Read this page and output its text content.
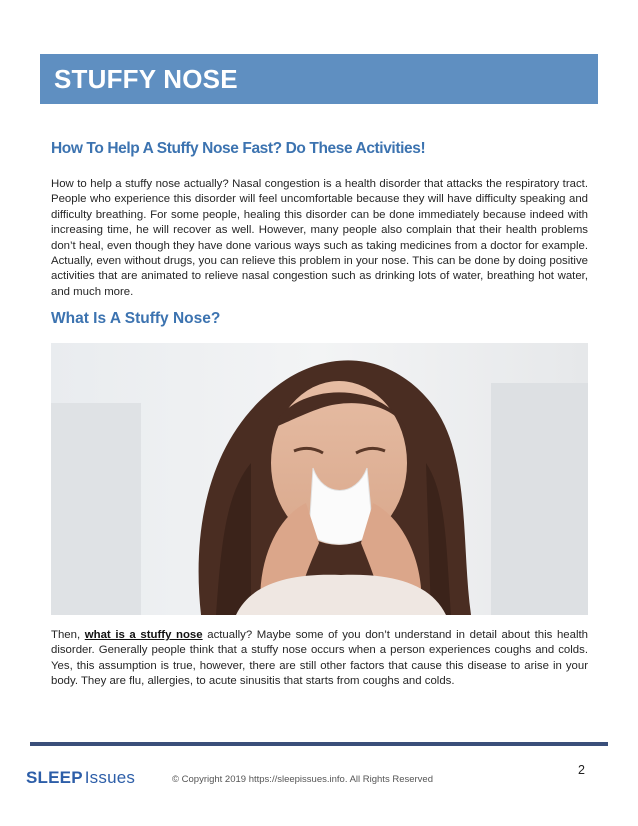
STUFFY NOSE
How To Help A Stuffy Nose Fast? Do These Activities!

How to help a stuffy nose actually? Nasal congestion is a health disorder that attacks the respiratory tract. People who experience this disorder will feel uncomfortable because they will have difficulty speaking and difficulty breathing. For some people, healing this disorder can be done immediately because indeed with increasing time, he will recover as well. However, many people also complain that their health problems don’t heal, even though they have done various ways such as taking medicines from a doctor for example. Actually, even without drugs, you can relieve this problem in your nose. This can be done by doing positive activities that are animated to relieve nasal congestion such as drinking lots of water, breathing hot water, and much more.

What Is A Stuffy Nose?

Then, what is a stuffy nose actually? Maybe some of you don’t understand in detail about this health disorder. Generally people think that a stuffy nose occurs when a person experiences coughs and colds. Yes, this assumption is true, however, there are still other factors that cause this disease to arise in your body. They are flu, allergies, to acute sinusitis that starts from coughs and colds.

2
SLEEP Issues	© Copyright 2019 https://sleepissues.info. All Rights Reserved
